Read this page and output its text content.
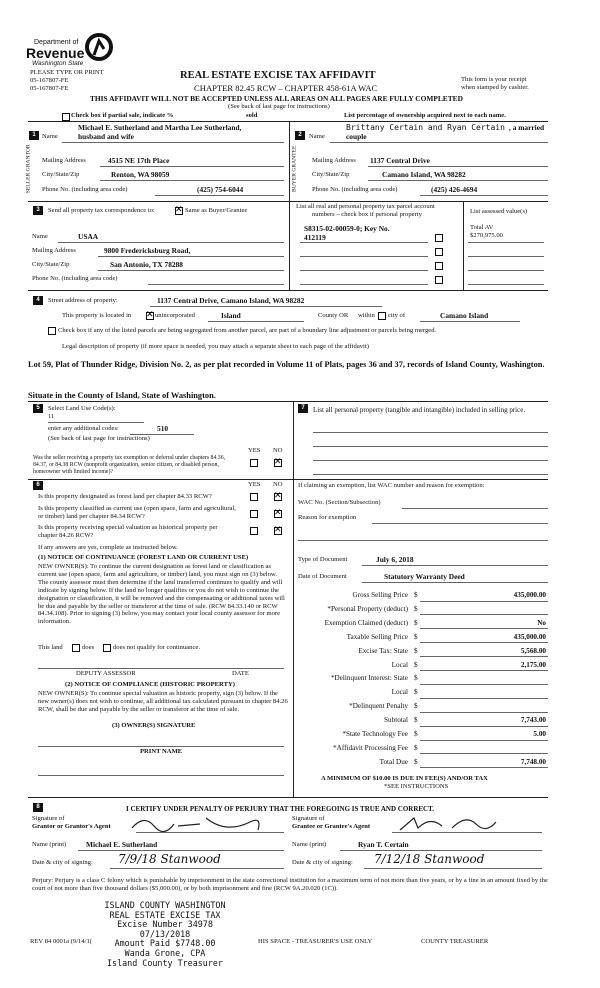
Department of
Revenue
Washington State
PLEASE TYPE OR PRINT
05-167807-FE
05-167807-FE
REAL ESTATE EXCISE TAX AFFIDAVIT
CHAPTER 82.45 RCW – CHAPTER 458-61A WAC
This form is your receipt
when stamped by cashier.
THIS AFFIDAVIT WILL NOT BE ACCEPTED UNLESS ALL AREAS ON ALL PAGES ARE FULLY COMPLETED
(See back of last page for instructions)
Check box if partial sale, indicate %	sold	List percentage of ownership acquired next to each name.
1 Name
Michael E. Sutherland and Martha Lee Sutherland,
husband and wife
SELLER GRANTOR Mailing Address	4515 NE 17th Place
City/State/Zip	Renton, WA 98059
Phone No. (including area code)	(425) 754-6044
2	Name
Brittany Certain and Ryan Certain , a married
couple
BUYER GRANTEE Mailing Address 1137 Central Drive
City/State/Zip	Camano Island, WA 98282
Phone No. (including area code)	(425) 426-4694
3	Send all property tax correspondence to: ✕	Same as Buyer/Grantee
Name	USAA
Mailing Address	9800 Fredericksburg Road,
City/State/Zip	San Antonio, TX 78288
Phone No. (including area code)
List all real and personal property tax parcel account
numbers – check box if personal property	List assessed value(s)
S8315-02-00059-0; Key No.
412119
Total AV
$270,975.00
4	Street address of property:	1137 Central Drive, Camano Island, WA 98282
This property is located in ✕	unincorporated	Island	County OR within city of	Camano Island
Check box if any of the listed parcels are being segregated from another parcel, are part of a boundary line adjustment or parcels being merged.
Legal description of property (if more space is needed, you may attach a separate sheet to each page of the affidavit)
Lot 59, Plat of Thunder Ridge, Division No. 2, as per plat recorded in Volume 11 of Plats, pages 36 and 37, records of Island County, Washington.
Situate in the County of Island, State of Washington.
5	Select Land Use Code(s):
11
enter any additional codes:	510
(See back of last page for instructions)
YES NO
Was the seller receiving a property tax exemption or deferral under chapters 84.36, 84.37, or 84.38 RCW (nonprofit organization, senior citizen, or disabled person, homeowner with limited income)?
✕
6	YES NO
Is this property designated as forest land per chapter 84.33 RCW?
✕
Is this property classified as current use (open space, farm and agricultural, or timber) land per chapter 84.34 RCW?
✕
Is this property receiving special valuation as historical property per chapter 84.26 RCW?
✕
If any answers are yes, complete as instructed below.
(1) NOTICE OF CONTINUANCE (FOREST LAND OR CURRENT USE)
NEW OWNER(S): To continue the current designation as forest land or classification as current use (open space, farm and agriculture, or timber) land, you must sign on (3) below. The county assessor must then determine if the land transferred continues to qualify and will indicate by signing below. If the land no longer qualifies or you do not wish to continue the designation or classification, it will be removed and the compensating or additional taxes will be due and payable by the seller or transferor at the time of sale. (RCW 84.33.140 or RCW 84.34.108). Prior to signing (3) below, you may contact your local county assessor for more information.
This land	does	does not qualify for continuance.
DEPUTY ASSESSOR	DATE
(2) NOTICE OF COMPLIANCE (HISTORIC PROPERTY)
NEW OWNER(S): To continue special valuation as historic property, sign (3) below. If the new owner(s) does not wish to continue, all additional tax calculated pursuant to chapter 84.26 RCW, shall be due and payable by the seller or transferor at the time of sale.
(3) OWNER(S) SIGNATURE
PRINT NAME
7	List all personal property (tangible and intangible) included in selling price.
If claiming an exemption, list WAC number and reason for exemption:
WAC No. (Section/Subsection)
Reason for exemption
Type of Document	July 6, 2018
Date of Document	Statutory Warranty Deed
Gross Selling Price $	435,000.00
*Personal Property (deduct) $
Exemption Claimed (deduct) $	No
Taxable Selling Price $	435,000.00
Excise Tax: State $	5,568.00
Local $	2,175.00
*Delinquent Interest: State $
Local $
*Delinquent Penalty $
Subtotal $	7,743.00
*State Technology Fee $	5.00
*Affidavit Processing Fee $
Total Due $	7,748.00
A MINIMUM OF $10.00 IS DUE IN FEE(S) AND/OR TAX
*SEE INSTRUCTIONS
8	I CERTIFY UNDER PENALTY OF PERJURY THAT THE FOREGOING IS TRUE AND CORRECT.
Signature of
Grantor or Grantor's Agent
Signature of
Grantee or Grantee's Agent
Name (print)	Michael E. Sutherland	Name (print)	Ryan T. Certain
Date & city of signing: 7/9/18 Stanwood	Date & city of signing: 7/12/18 Stanwood
Perjury: Perjury is a class C felony which is punishable by imprisonment in the state correctional institution for a maximum term of not more than five years, or by a fine in an amount fixed by the court of not more than five thousand dollars ($5,000.00), or by both imprisonment and fine (RCW 9A.20.020 (1C)).
ISLAND COUNTY WASHINGTON
REAL ESTATE EXCISE TAX
Excise Number 34978
07/13/2018
Amount Paid $7748.00
Wanda Grone, CPA
Island County Treasurer
REV 84 0001a (9/14/1(	HIS SPACE - TREASURER'S USE ONLY	COUNTY TREASURER
